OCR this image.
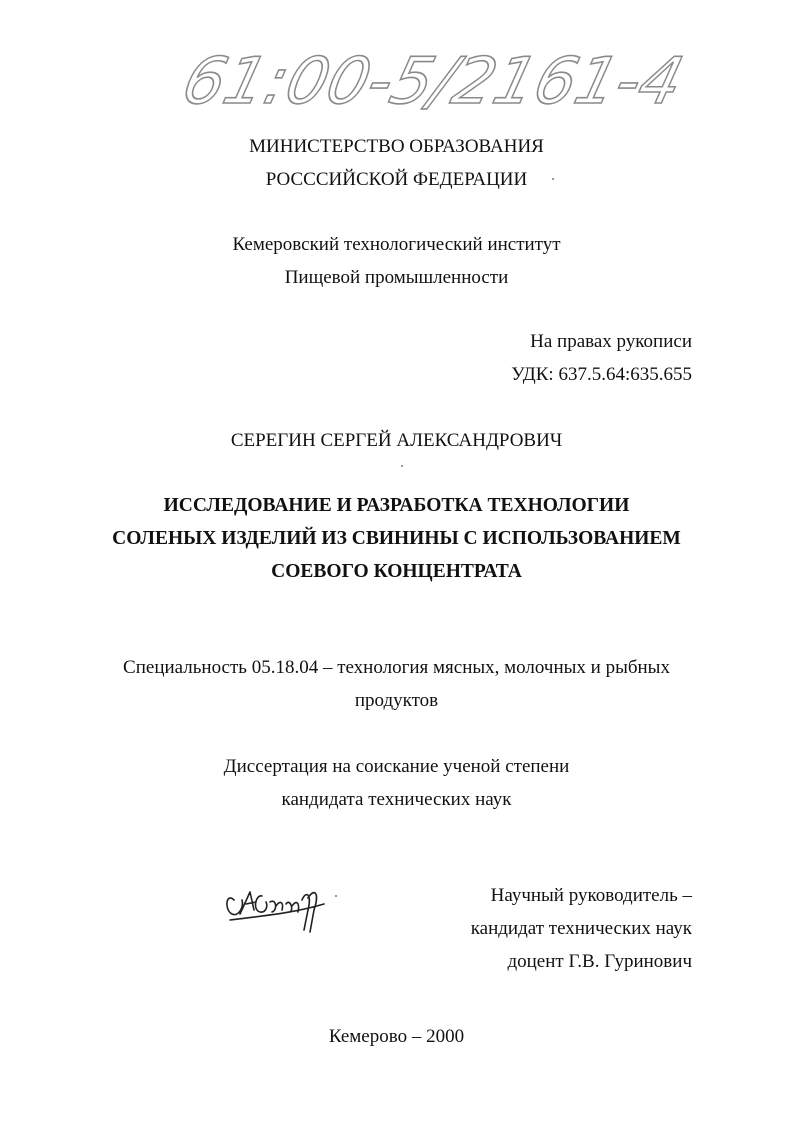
61:00-5/2161-4
МИНИСТЕРСТВО ОБРАЗОВАНИЯ
РОСССИЙСКОЙ ФЕДЕРАЦИИ
Кемеровский технологический институт
Пищевой промышленности
На правах рукописи
УДК: 637.5.64:635.655
СЕРЕГИН СЕРГЕЙ АЛЕКСАНДРОВИЧ
ИССЛЕДОВАНИЕ И РАЗРАБОТКА ТЕХНОЛОГИИ
СОЛЕНЫХ ИЗДЕЛИЙ ИЗ СВИНИНЫ С ИСПОЛЬЗОВАНИЕМ
СОЕВОГО КОНЦЕНТРАТА
Специальность 05.18.04 – технология мясных, молочных и рыбных
продуктов
Диссертация на соискание ученой степени
кандидата технических наук
Научный руководитель –
кандидат технических наук
доцент Г.В. Гуринович
Кемерово – 2000
